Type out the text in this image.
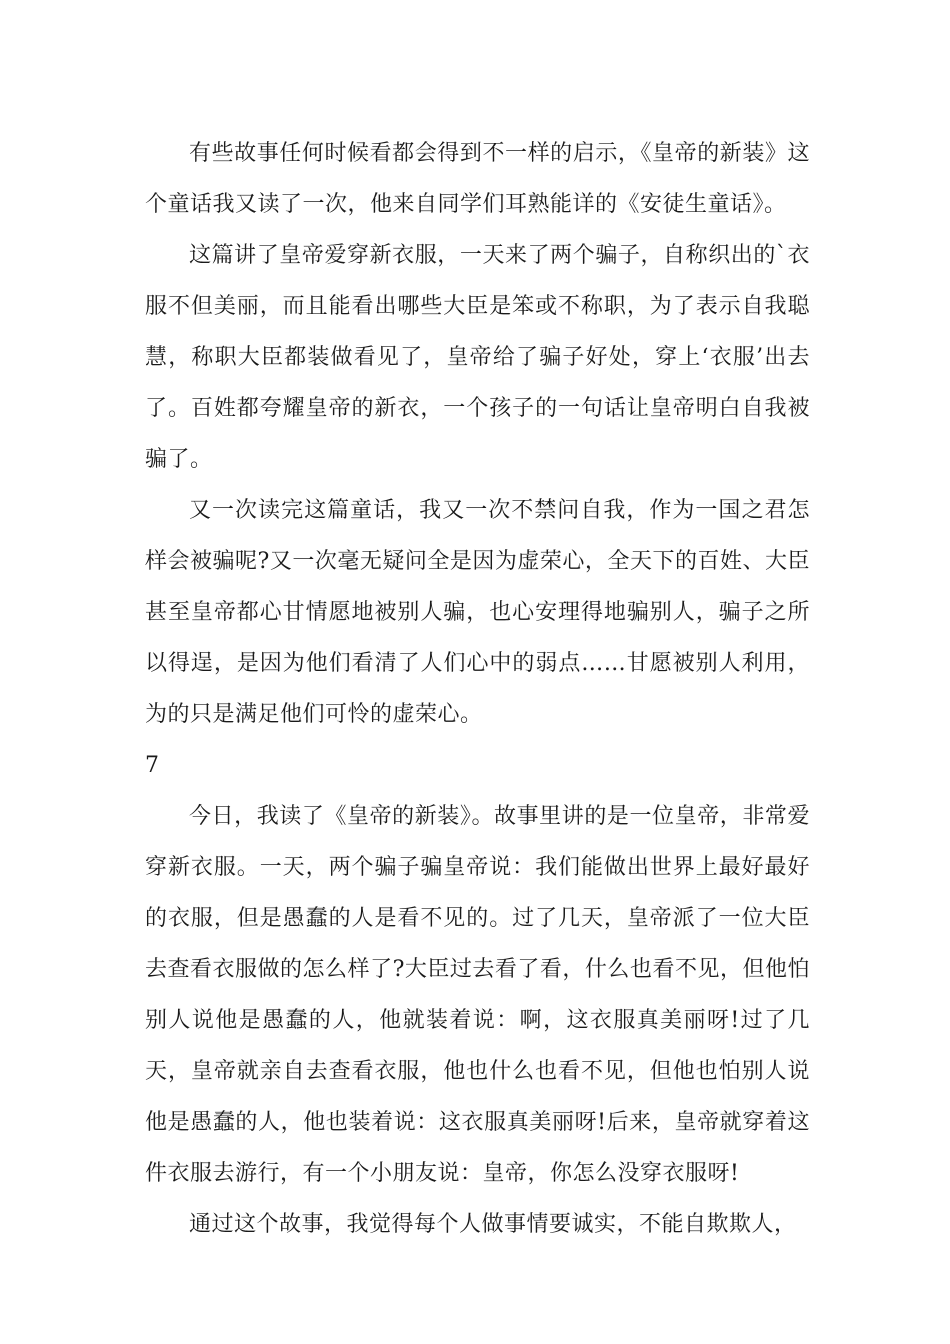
有些故事任何时候看都会得到不一样的启示，《皇帝的新装》这个童话我又读了一次，他来自同学们耳熟能详的《安徒生童话》。

这篇讲了皇帝爱穿新衣服，一天来了两个骗子，自称织出的`衣服不但美丽，而且能看出哪些大臣是笨或不称职，为了表示自我聪慧，称职大臣都装做看见了，皇帝给了骗子好处，穿上‘衣服’出去了。百姓都夸耀皇帝的新衣，一个孩子的一句话让皇帝明白自我被骗了。

又一次读完这篇童话，我又一次不禁问自我，作为一国之君怎样会被骗呢?又一次毫无疑问全是因为虚荣心，全天下的百姓、大臣甚至皇帝都心甘情愿地被别人骗，也心安理得地骗别人，骗子之所以得逞，是因为他们看清了人们心中的弱点……甘愿被别人利用，为的只是满足他们可怜的虚荣心。

7

今日，我读了《皇帝的新装》。故事里讲的是一位皇帝，非常爱穿新衣服。一天，两个骗子骗皇帝说：我们能做出世界上最好最好的衣服，但是愚蠢的人是看不见的。过了几天，皇帝派了一位大臣去查看衣服做的怎么样了?大臣过去看了看，什么也看不见，但他怕别人说他是愚蠢的人，他就装着说：啊，这衣服真美丽呀!过了几天，皇帝就亲自去查看衣服，他也什么也看不见，但他也怕别人说他是愚蠢的人，他也装着说：这衣服真美丽呀!后来，皇帝就穿着这件衣服去游行，有一个小朋友说：皇帝，你怎么没穿衣服呀!

通过这个故事，我觉得每个人做事情要诚实，不能自欺欺人，
